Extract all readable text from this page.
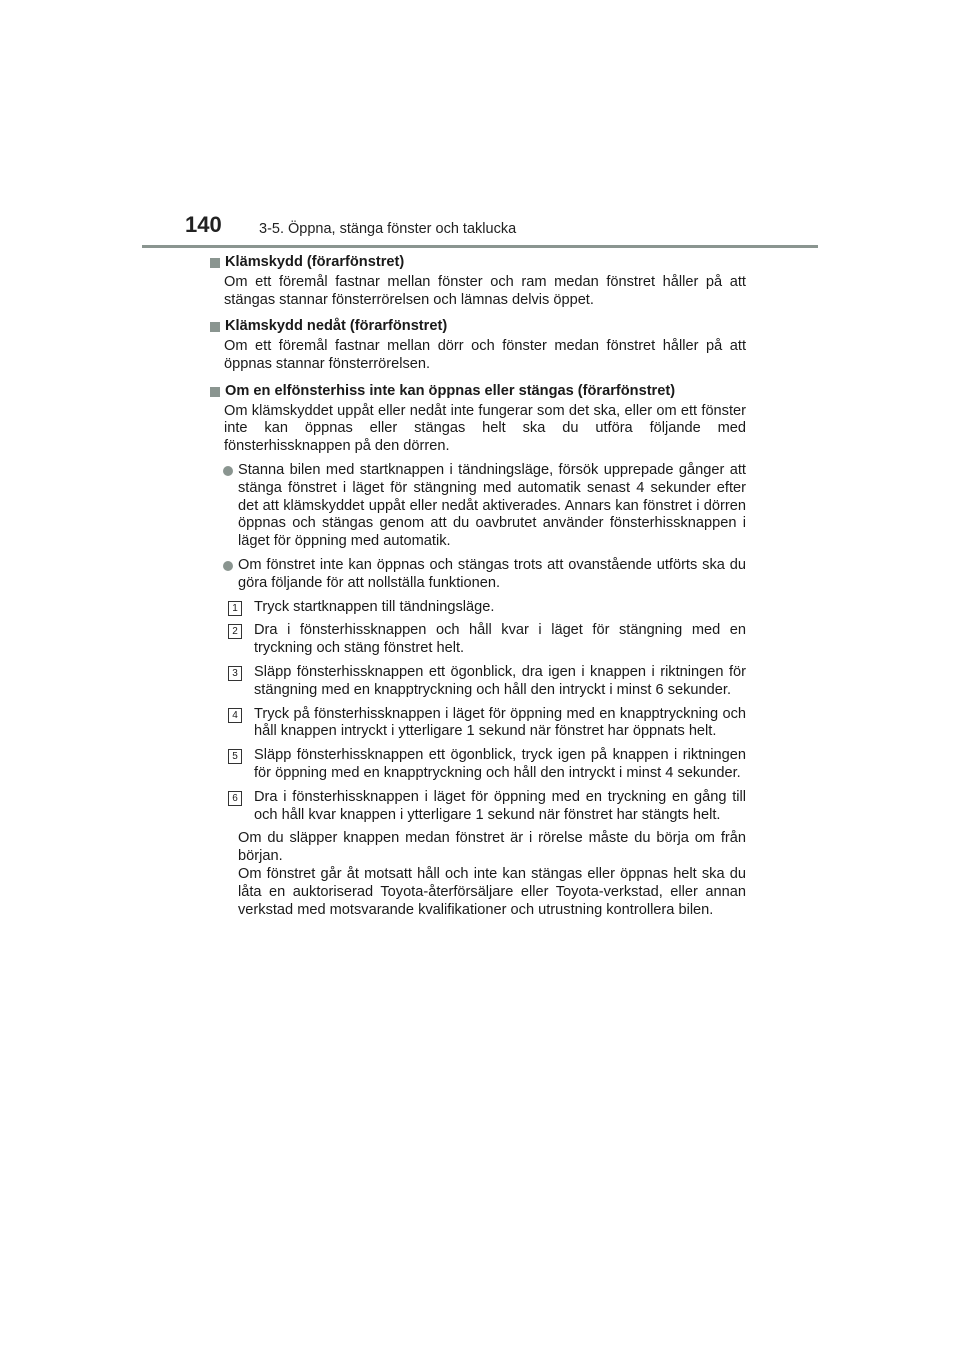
140	3-5. Öppna, stänga fönster och taklucka
Klämskydd (förarfönstret)
Om ett föremål fastnar mellan fönster och ram medan fönstret håller på att stängas stannar fönsterrörelsen och lämnas delvis öppet.
Klämskydd nedåt (förarfönstret)
Om ett föremål fastnar mellan dörr och fönster medan fönstret håller på att öppnas stannar fönsterrörelsen.
Om en elfönsterhiss inte kan öppnas eller stängas (förarfönstret)
Om klämskyddet uppåt eller nedåt inte fungerar som det ska, eller om ett fönster inte kan öppnas eller stängas helt ska du utföra följande med fönsterhissknappen på den dörren.
Stanna bilen med startknappen i tändningsläge, försök upprepade gånger att stänga fönstret i läget för stängning med automatik senast 4 sekunder efter det att klämskyddet uppåt eller nedåt aktiverades. Annars kan fönstret i dörren öppnas och stängas genom att du oavbrutet använder fönsterhissknappen i läget för öppning med automatik.
Om fönstret inte kan öppnas och stängas trots att ovanstående utförts ska du göra följande för att nollställa funktionen.
1 Tryck startknappen till tändningsläge.
2 Dra i fönsterhissknappen och håll kvar i läget för stängning med en tryckning och stäng fönstret helt.
3 Släpp fönsterhissknappen ett ögonblick, dra igen i knappen i riktningen för stängning med en knapptryckning och håll den intryckt i minst 6 sekunder.
4 Tryck på fönsterhissknappen i läget för öppning med en knapptryckning och håll knappen intryckt i ytterligare 1 sekund när fönstret har öppnats helt.
5 Släpp fönsterhissknappen ett ögonblick, tryck igen på knappen i riktningen för öppning med en knapptryckning och håll den intryckt i minst 4 sekunder.
6 Dra i fönsterhissknappen i läget för öppning med en tryckning en gång till och håll kvar knappen i ytterligare 1 sekund när fönstret har stängts helt.
Om du släpper knappen medan fönstret är i rörelse måste du börja om från början.
Om fönstret går åt motsatt håll och inte kan stängas eller öppnas helt ska du låta en auktoriserad Toyota-återförsäljare eller Toyota-verkstad, eller annan verkstad med motsvarande kvalifikationer och utrustning kontrollera bilen.
